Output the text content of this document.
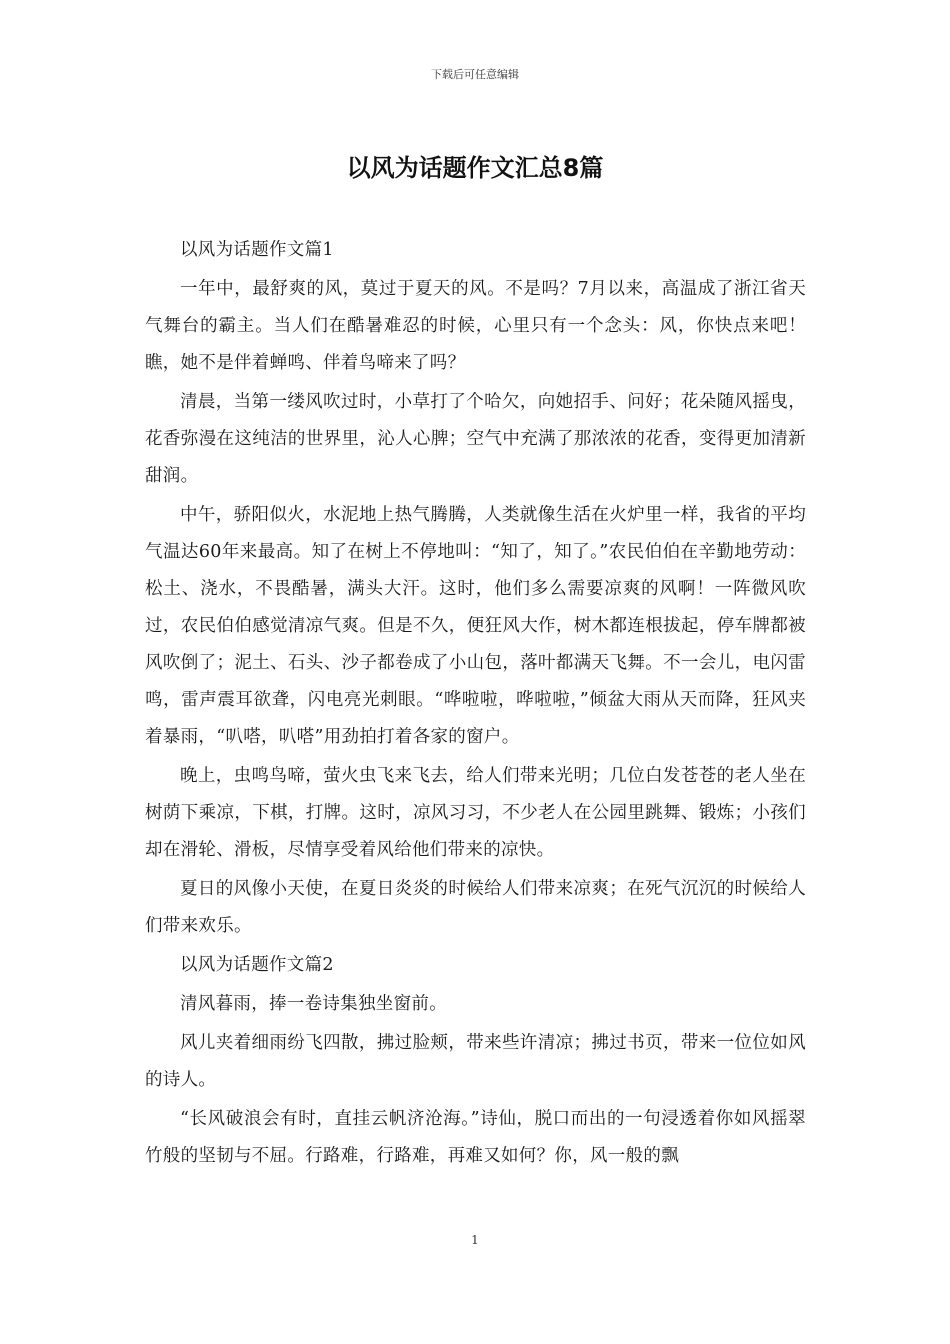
下载后可任意编辑
以风为话题作文汇总8篇

以风为话题作文篇1

一年中，最舒爽的风，莫过于夏天的风。不是吗？7月以来，高温成了浙江省天气舞台的霸主。当人们在酷暑难忍的时候，心里只有一个念头：风，你快点来吧！瞧，她不是伴着蝉鸣、伴着鸟啼来了吗？

清晨，当第一缕风吹过时，小草打了个哈欠，向她招手、问好；花朵随风摇曳，花香弥漫在这纯洁的世界里，沁人心脾；空气中充满了那浓浓的花香，变得更加清新甜润。

中午，骄阳似火，水泥地上热气腾腾，人类就像生活在火炉里一样，我省的平均气温达60年来最高。知了在树上不停地叫：“知了，知了。”农民伯伯在辛勤地劳动：松土、浇水，不畏酷暑，满头大汗。这时，他们多么需要凉爽的风啊！一阵微风吹过，农民伯伯感觉清凉气爽。但是不久，便狂风大作，树木都连根拔起，停车牌都被风吹倒了；泥土、石头、沙子都卷成了小山包，落叶都满天飞舞。不一会儿，电闪雷鸣，雷声震耳欲聋，闪电亮光刺眼。“哗啦啦，哗啦啦，”倾盆大雨从天而降，狂风夹着暴雨，“叭嗒，叭嗒”用劲拍打着各家的窗户。

晚上，虫鸣鸟啼，萤火虫飞来飞去，给人们带来光明；几位白发苍苍的老人坐在树荫下乘凉，下棋，打牌。这时，凉风习习，不少老人在公园里跳舞、锻炼；小孩们却在滑轮、滑板，尽情享受着风给他们带来的凉快。

夏日的风像小天使，在夏日炎炎的时候给人们带来凉爽；在死气沉沉的时候给人们带来欢乐。

以风为话题作文篇2

清风暮雨，捧一卷诗集独坐窗前。

风儿夹着细雨纷飞四散，拂过脸颊，带来些许清凉；拂过书页，带来一位位如风的诗人。

“长风破浪会有时，直挂云帆济沧海。”诗仙，脱口而出的一句浸透着你如风摇翠竹般的坚韧与不屈。行路难，行路难，再难又如何？你，风一般的飘

1
